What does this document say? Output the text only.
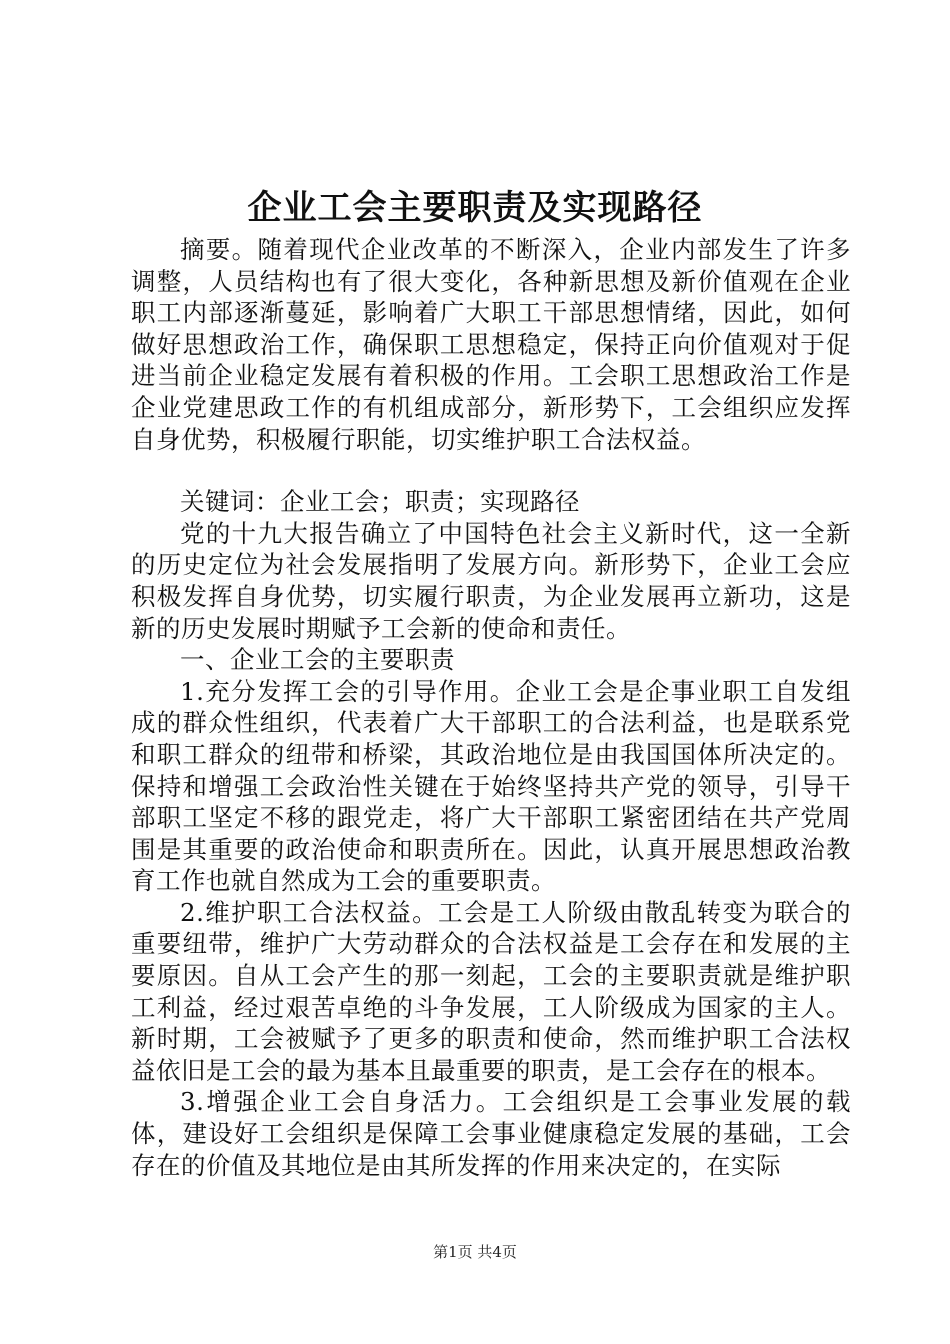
企业工会主要职责及实现路径

摘要。随着现代企业改革的不断深入，企业内部发生了许多调整，人员结构也有了很大变化，各种新思想及新价值观在企业职工内部逐渐蔓延，影响着广大职工干部思想情绪，因此，如何做好思想政治工作，确保职工思想稳定，保持正向价值观对于促进当前企业稳定发展有着积极的作用。工会职工思想政治工作是企业党建思政工作的有机组成部分，新形势下，工会组织应发挥自身优势，积极履行职能，切实维护职工合法权益。

关键词：企业工会；职责；实现路径

党的十九大报告确立了中国特色社会主义新时代，这一全新的历史定位为社会发展指明了发展方向。新形势下，企业工会应积极发挥自身优势，切实履行职责，为企业发展再立新功，这是新的历史发展时期赋予工会新的使命和责任。

一、企业工会的主要职责

1.充分发挥工会的引导作用。企业工会是企事业职工自发组成的群众性组织，代表着广大干部职工的合法利益，也是联系党和职工群众的纽带和桥梁，其政治地位是由我国国体所决定的。保持和增强工会政治性关键在于始终坚持共产党的领导，引导干部职工坚定不移的跟党走，将广大干部职工紧密团结在共产党周围是其重要的政治使命和职责所在。因此，认真开展思想政治教育工作也就自然成为工会的重要职责。

2.维护职工合法权益。工会是工人阶级由散乱转变为联合的重要纽带，维护广大劳动群众的合法权益是工会存在和发展的主要原因。自从工会产生的那一刻起，工会的主要职责就是维护职工利益，经过艰苦卓绝的斗争发展，工人阶级成为国家的主人。新时期，工会被赋予了更多的职责和使命，然而维护职工合法权益依旧是工会的最为基本且最重要的职责，是工会存在的根本。

3.增强企业工会自身活力。工会组织是工会事业发展的载体，建设好工会组织是保障工会事业健康稳定发展的基础，工会存在的价值及其地位是由其所发挥的作用来决定的，在实际

第1页 共4页
